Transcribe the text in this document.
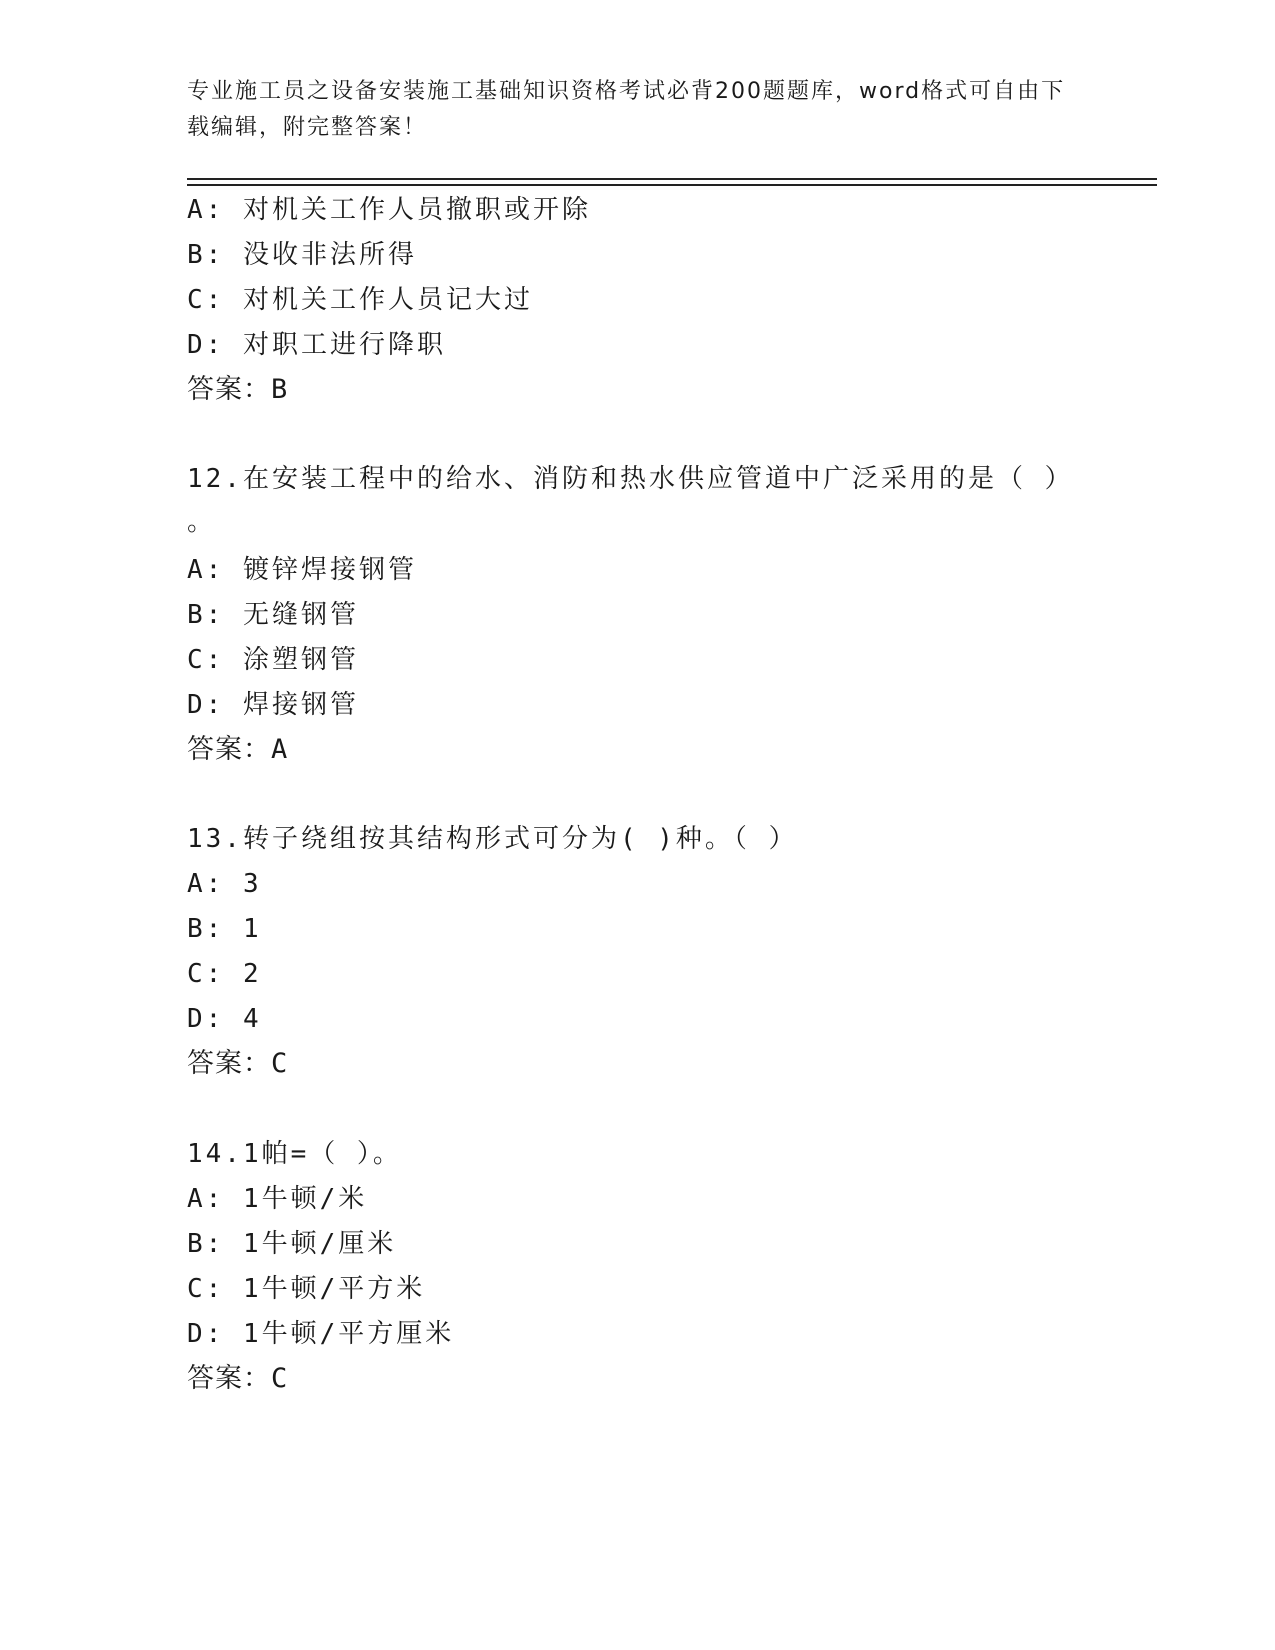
专业施工员之设备安装施工基础知识资格考试必背200题题库，word格式可自由下载编辑，附完整答案！
A: 对机关工作人员撤职或开除
B: 没收非法所得
C: 对机关工作人员记大过
D: 对职工进行降职
答案：B
12.在安装工程中的给水、消防和热水供应管道中广泛采用的是（ ）
。
A: 镀锌焊接钢管
B: 无缝钢管
C: 涂塑钢管
D: 焊接钢管
答案：A
13.转子绕组按其结构形式可分为( )种。（ ）
A: 3
B: 1
C: 2
D: 4
答案：C
14.1帕=（ ）。
A: 1牛顿/米
B: 1牛顿/厘米
C: 1牛顿/平方米
D: 1牛顿/平方厘米
答案：C
